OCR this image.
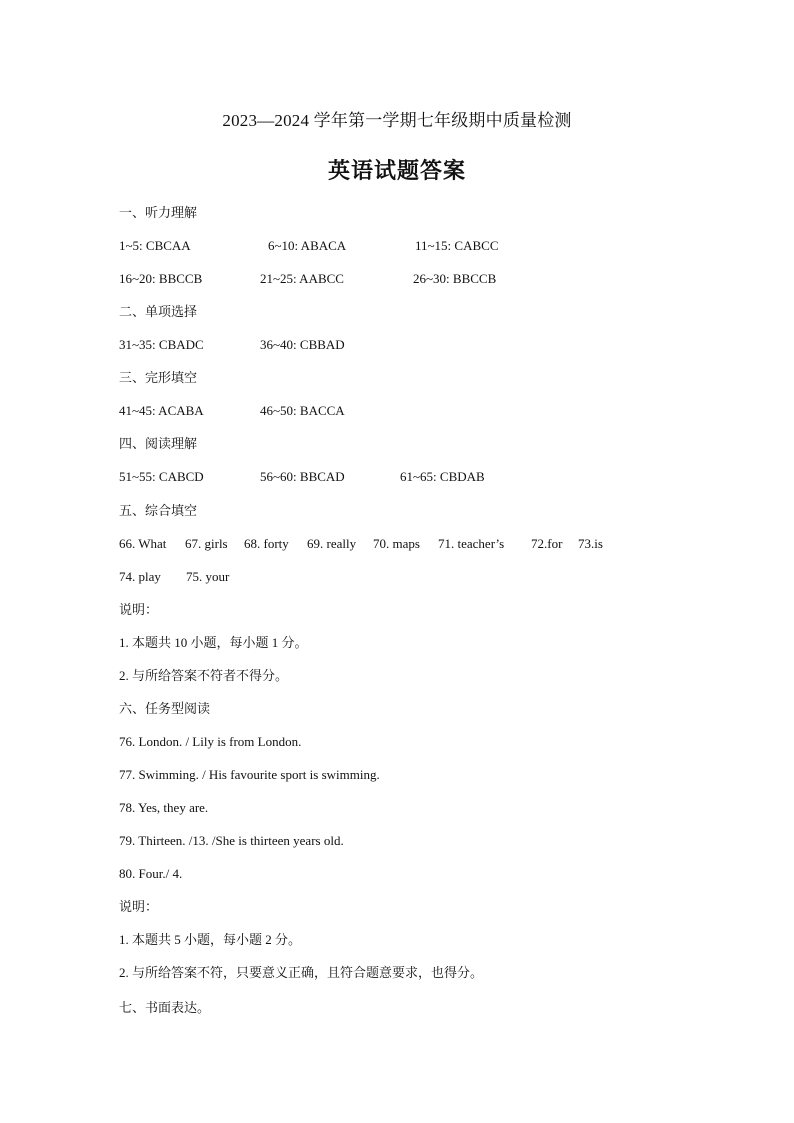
2023—2024 学年第一学期七年级期中质量检测
英语试题答案
一、听力理解
1~5: CBCAA	6~10: ABACA	11~15: CABCC
16~20: BBCCB	21~25: AABCC	26~30: BBCCB
二、单项选择
31~35: CBADC	36~40: CBBAD
三、完形填空
41~45: ACABA	46~50: BACCA
四、阅读理解
51~55: CABCD	56~60: BBCAD	61~65: CBDAB
五、综合填空
66. What 67. girls 68. forty 69. really 70. maps 71. teacher’s 72.for 73.is
74. play 75. your
说明：
1. 本题共 10 小题，每小题 1 分。
2. 与所给答案不符者不得分。
六、任务型阅读
76. London. / Lily is from London.
77. Swimming. / His favourite sport is swimming.
78. Yes, they are.
79. Thirteen. /13. /She is thirteen years old.
80. Four./ 4.
说明：
1. 本题共 5 小题，每小题 2 分。
2. 与所给答案不符，只要意义正确，且符合题意要求，也得分。
七、书面表达。
